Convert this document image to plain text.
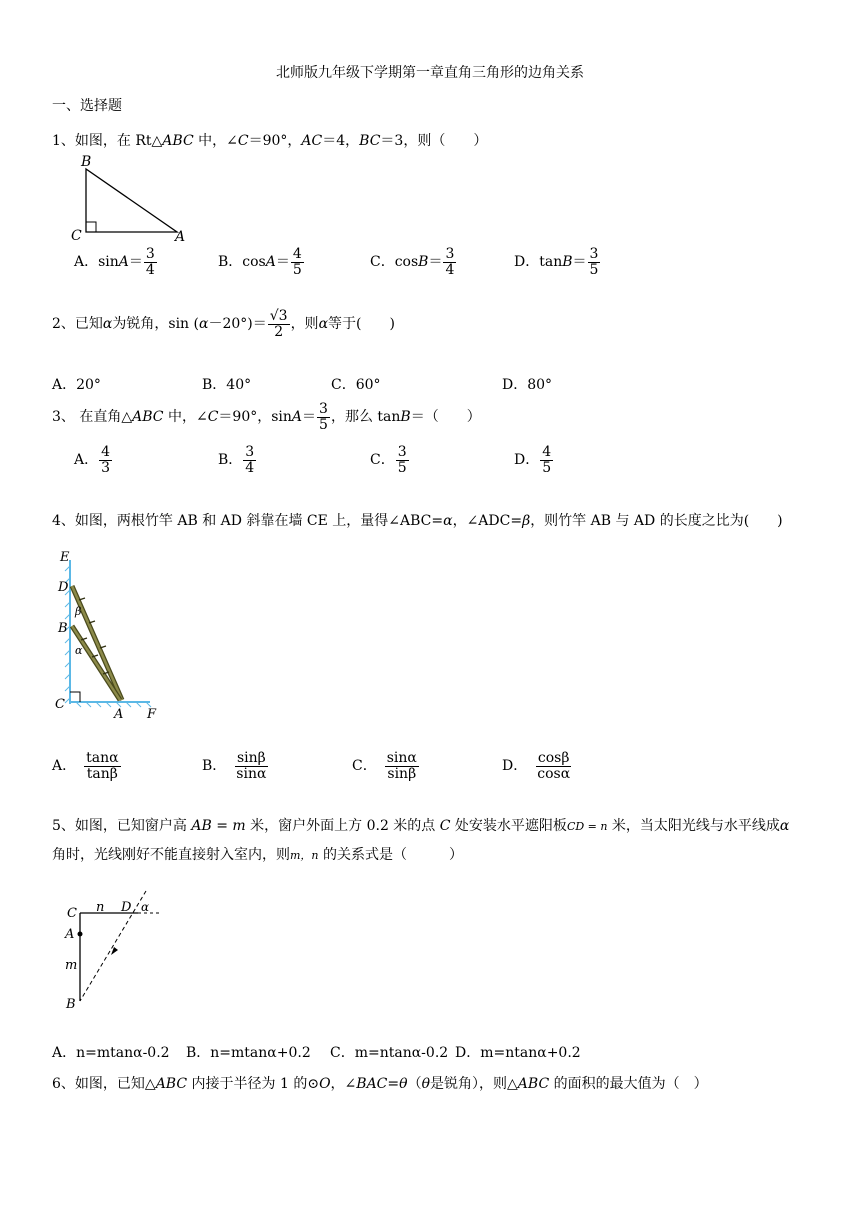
北师版九年级下学期第一章直角三角形的边角关系
一、选择题
1、如图，在 Rt△ABC 中，∠C＝90°，AC＝4，BC＝3，则（　　）
B
C	A
A．$\sin A= \frac{3}{4}$	B．$\cos A= \frac{4}{5}$	C．$\cos B= \frac{3}{4}$	D．$\tan B= \frac{3}{5}$
2、已知α为锐角，$\sin (\alpha-20^\circ)= \frac{√3}{2}$ ，则α等于(　　)
A．20°	B．40°	C．60°	D．80°
3、 在直角△ABC 中，∠C＝90°，$\sin A= \frac{3}{5}$ ，那么 tanB＝（　　）
A． $\frac{4}{3}$	B． $\frac{3}{4}$	C． $\frac{3}{5}$	D． $\frac{4}{5}$
4、如图，两根竹竿 AB 和 AD 斜靠在墙 CE 上，量得∠ABC=α，∠ADC=β，则竹竿 AB 与 AD 的长度之比为(　　)
E
D
β
B
α
C
A F
A． $\frac{\tan\alpha}{\tan\beta}$	B． $\frac{\sin\beta}{\sin\alpha}$	C． $\frac{\sin\alpha}{\sin\beta}$	D． $\frac{\cos\beta}{\cos\alpha}$
5、如图，已知窗户高 AB = m 米，窗户外面上方 0.2 米的点 C 处安装水平遮阳板CD = n 米，当太阳光线与水平线成α
角时，光线刚好不能直接射入室内，则m，n 的关系式是（　　　）
C n D α
A
m
B
A．n=mtanα-0.2 B．n=mtanα+0.2 C．m=ntanα-0.2 D．m=ntanα+0.2
6、如图，已知△ABC 内接于半径为 1 的⊙O，∠BAC=θ（θ是锐角），则△ABC 的面积的最大值为（　）
